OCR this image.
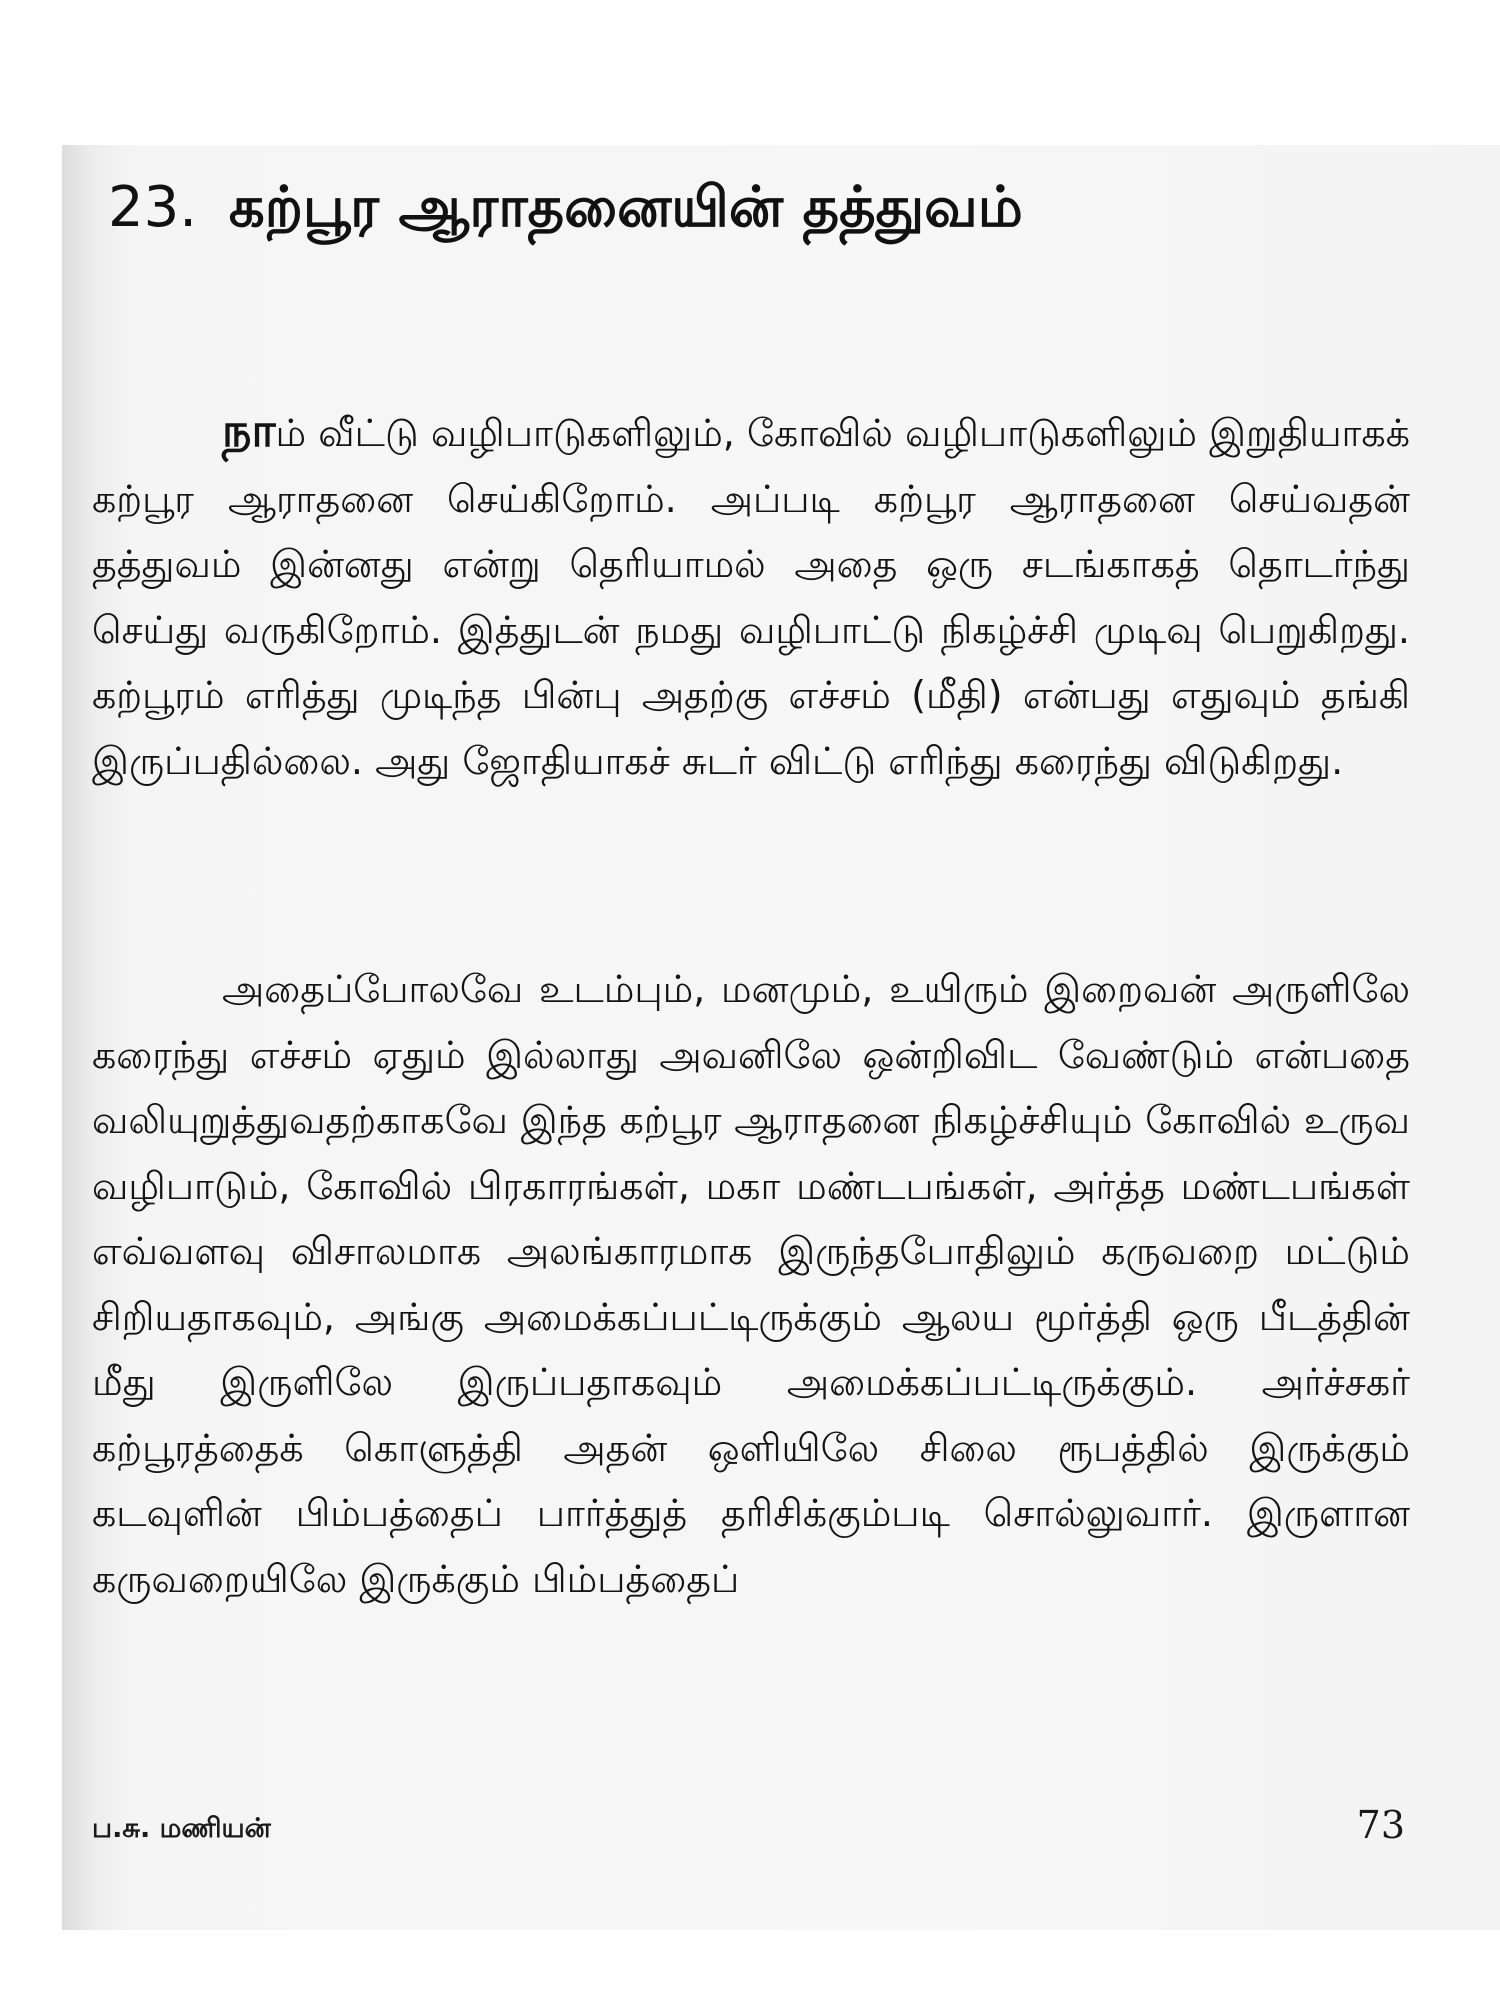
23. கற்பூர ஆராதனையின் தத்துவம்

நாம் வீட்டு வழிபாடுகளிலும், கோவில் வழிபாடுகளிலும் இறுதியாகக் கற்பூர ஆராதனை செய்கிறோம். அப்படி கற்பூர ஆராதனை செய்வதன் தத்துவம் இன்னது என்று தெரியாமல் அதை ஒரு சடங்காகத் தொடர்ந்து செய்து வருகிறோம். இத்துடன் நமது வழிபாட்டு நிகழ்ச்சி முடிவு பெறுகிறது. கற்பூரம் எரித்து முடிந்த பின்பு அதற்கு எச்சம் (மீதி) என்பது எதுவும் தங்கி இருப்பதில்லை. அது ஜோதியாகச் சுடர் விட்டு எரிந்து கரைந்து விடுகிறது.

அதைப்போலவே உடம்பும், மனமும், உயிரும் இறைவன் அருளிலே கரைந்து எச்சம் ஏதும் இல்லாது அவனிலே ஒன்றிவிட வேண்டும் என்பதை வலியுறுத்துவதற்காகவே இந்த கற்பூர ஆராதனை நிகழ்ச்சியும் கோவில் உருவ வழிபாடும், கோவில் பிரகாரங்கள், மகா மண்டபங்கள், அர்த்த மண்டபங்கள் எவ்வளவு விசாலமாக அலங்காரமாக இருந்தபோதிலும் கருவறை மட்டும் சிறியதாகவும், அங்கு அமைக்கப்பட்டிருக்கும் ஆலய மூர்த்தி ஒரு பீடத்தின் மீது இருளிலே இருப்பதாகவும் அமைக்கப்பட்டிருக்கும். அர்ச்சகர் கற்பூரத்தைக் கொளுத்தி அதன் ஒளியிலே சிலை ரூபத்தில் இருக்கும் கடவுளின் பிம்பத்தைப் பார்த்துத் தரிசிக்கும்படி சொல்லுவார். இருளான கருவறையிலே இருக்கும் பிம்பத்தைப்

ப.சு. மணியன்	73
